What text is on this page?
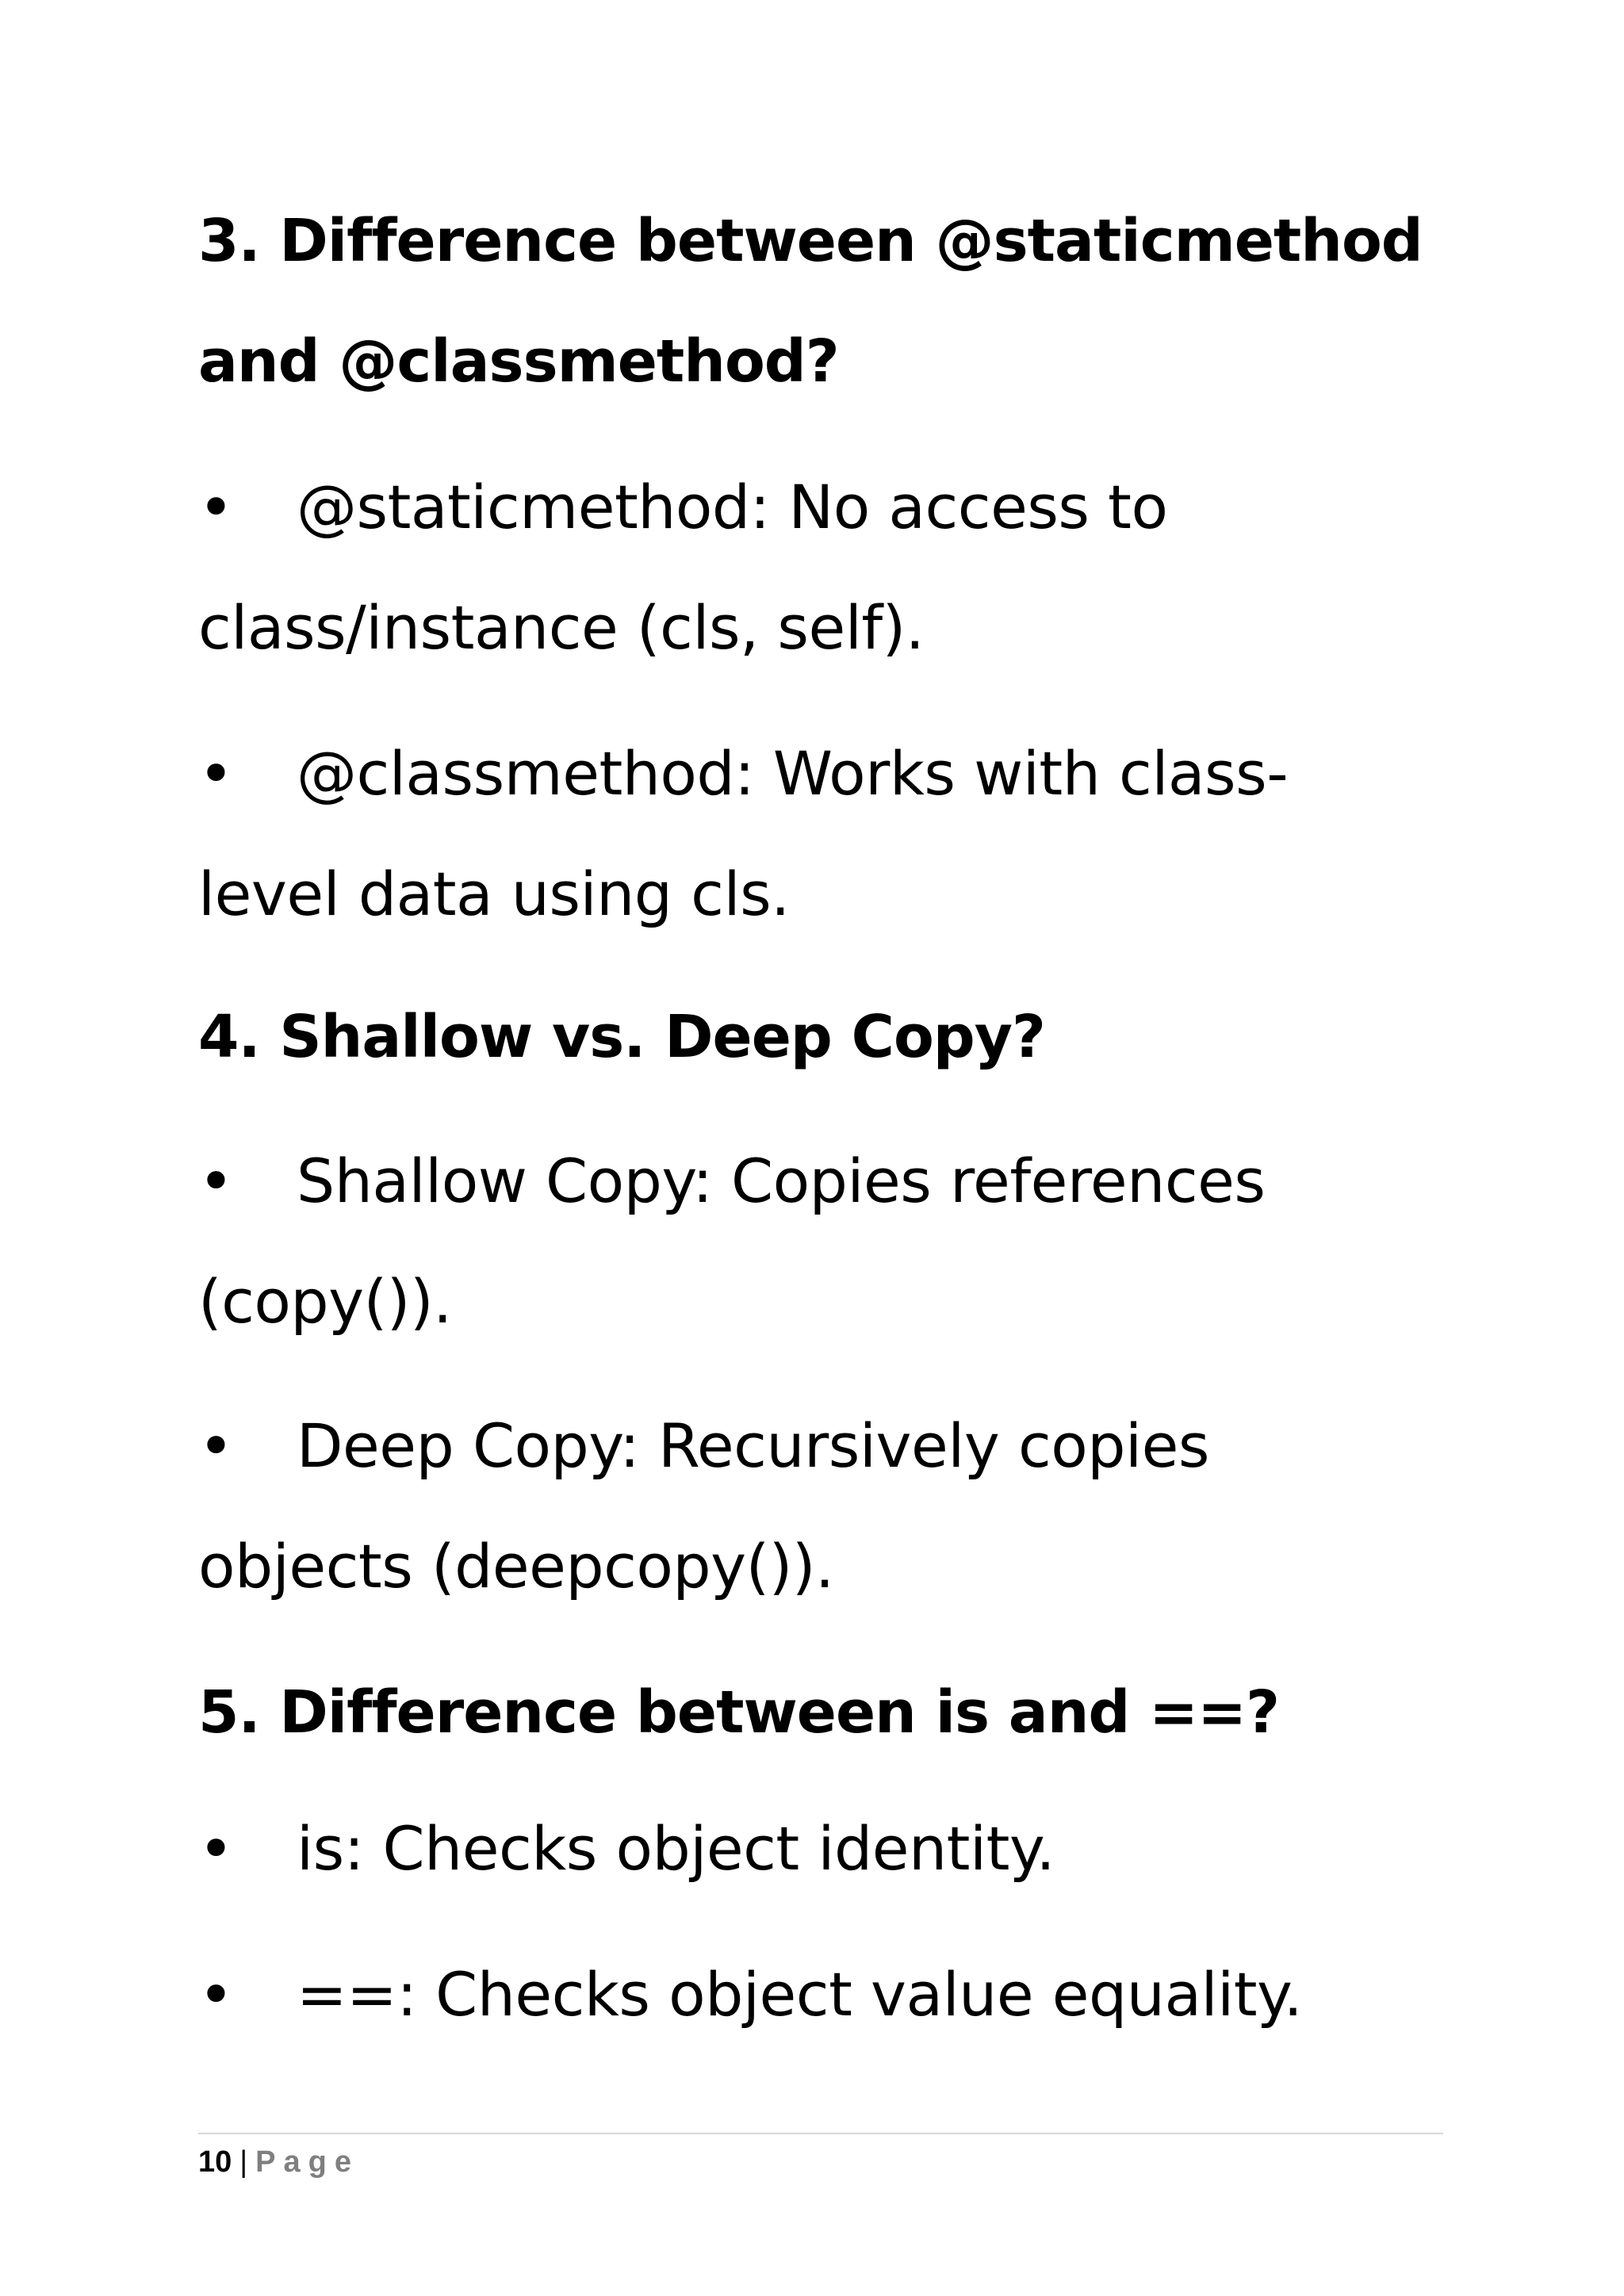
3. Difference between @staticmethod
and @classmethod?

• @staticmethod: No access to

class/instance (cls, self).

• @classmethod: Works with class-

level data using cls.

4. Shallow vs. Deep Copy?

• Shallow Copy: Copies references

(copy()).

• Deep Copy: Recursively copies

objects (deepcopy()).

5. Difference between is and ==?

• is: Checks object identity.

• ==: Checks object value equality.

10 | Page
